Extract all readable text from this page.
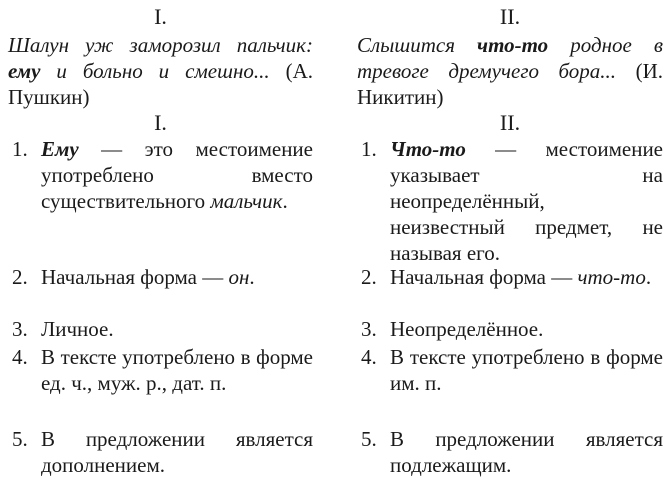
I.
Шалун уж заморозил пальчик: ему и больно и смешно... (А. Пушкин)
I.
1. Ему — это местоимение употреблено вместо существительного мальчик.
2. Начальная форма — он.
3. Личное.
4. В тексте употреблено в форме ед. ч., муж. р., дат. п.
5. В предложении является дополнением.
II.
Слышится что-то родное в тревоге дремучего бора... (И. Никитин)
II.
1. Что-то — местоимение указывает на неопределённый, неизвестный предмет, не называя его.
2. Начальная форма — что-то.
3. Неопределённое.
4. В тексте употреблено в форме им. п.
5. В предложении является подлежащим.
